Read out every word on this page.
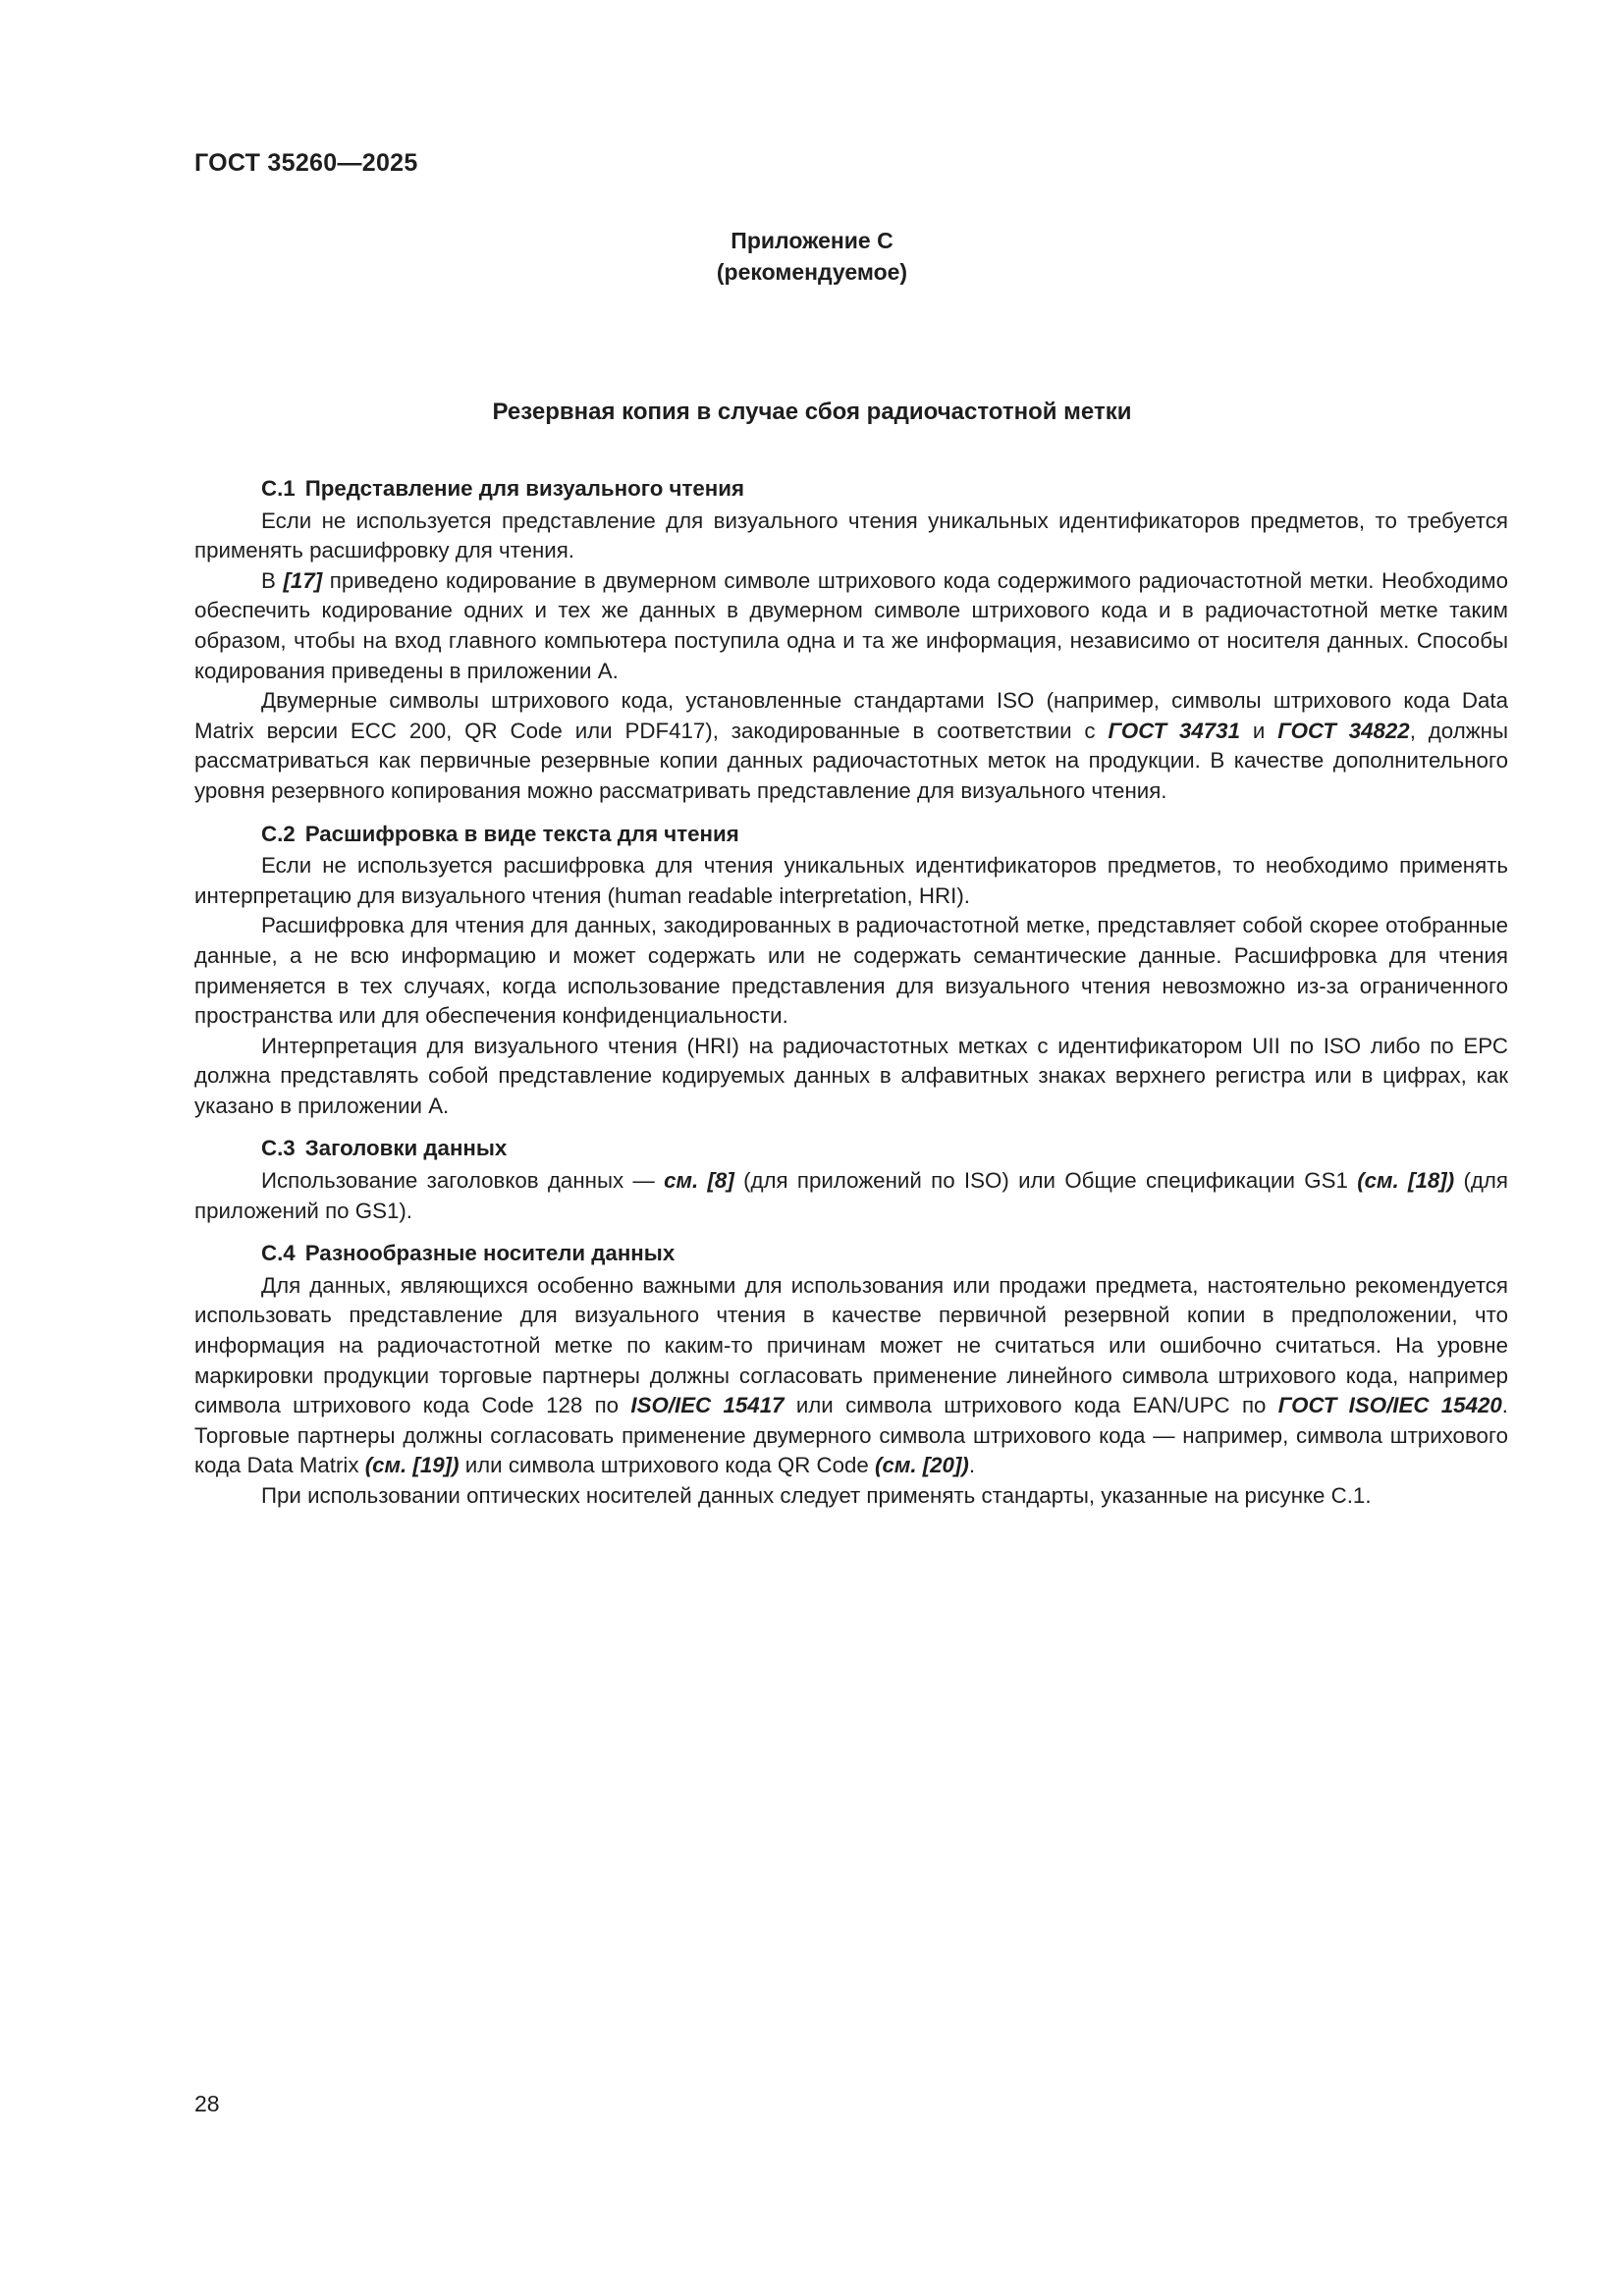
ГОСТ 35260—2025
Приложение С
(рекомендуемое)
Резервная копия в случае сбоя радиочастотной метки
С.1 Представление для визуального чтения

Если не используется представление для визуального чтения уникальных идентификаторов предметов, то требуется применять расшифровку для чтения.

В [17] приведено кодирование в двумерном символе штрихового кода содержимого радиочастотной метки. Необходимо обеспечить кодирование одних и тех же данных в двумерном символе штрихового кода и в радиочастотной метке таким образом, чтобы на вход главного компьютера поступила одна и та же информация, независимо от носителя данных. Способы кодирования приведены в приложении А.

Двумерные символы штрихового кода, установленные стандартами ISO (например, символы штрихового кода Data Matrix версии ЕСС 200, QR Code или PDF417), закодированные в соответствии с ГОСТ 34731 и ГОСТ 34822, должны рассматриваться как первичные резервные копии данных радиочастотных меток на продукции. В качестве дополнительного уровня резервного копирования можно рассматривать представление для визуального чтения.

С.2 Расшифровка в виде текста для чтения

Если не используется расшифровка для чтения уникальных идентификаторов предметов, то необходимо применять интерпретацию для визуального чтения (human readable interpretation, HRI).

Расшифровка для чтения для данных, закодированных в радиочастотной метке, представляет собой скорее отобранные данные, а не всю информацию и может содержать или не содержать семантические данные. Расшифровка для чтения применяется в тех случаях, когда использование представления для визуального чтения невозможно из-за ограниченного пространства или для обеспечения конфиденциальности.

Интерпретация для визуального чтения (HRI) на радиочастотных метках с идентификатором UII по ISO либо по ЕРС должна представлять собой представление кодируемых данных в алфавитных знаках верхнего регистра или в цифрах, как указано в приложении А.

С.3 Заголовки данных

Использование заголовков данных — см. [8] (для приложений по ISO) или Общие спецификации GS1 (см. [18]) (для приложений по GS1).

С.4 Разнообразные носители данных

Для данных, являющихся особенно важными для использования или продажи предмета, настоятельно рекомендуется использовать представление для визуального чтения в качестве первичной резервной копии в предположении, что информация на радиочастотной метке по каким-то причинам может не считаться или ошибочно считаться. На уровне маркировки продукции торговые партнеры должны согласовать применение линейного символа штрихового кода, например символа штрихового кода Code 128 по ISO/IEC 15417 или символа штрихового кода EAN/UPC по ГОСТ ISO/IEC 15420. Торговые партнеры должны согласовать применение двумерного символа штрихового кода — например, символа штрихового кода Data Matrix (см. [19]) или символа штрихового кода QR Code (см. [20]).

При использовании оптических носителей данных следует применять стандарты, указанные на рисунке С.1.

28
